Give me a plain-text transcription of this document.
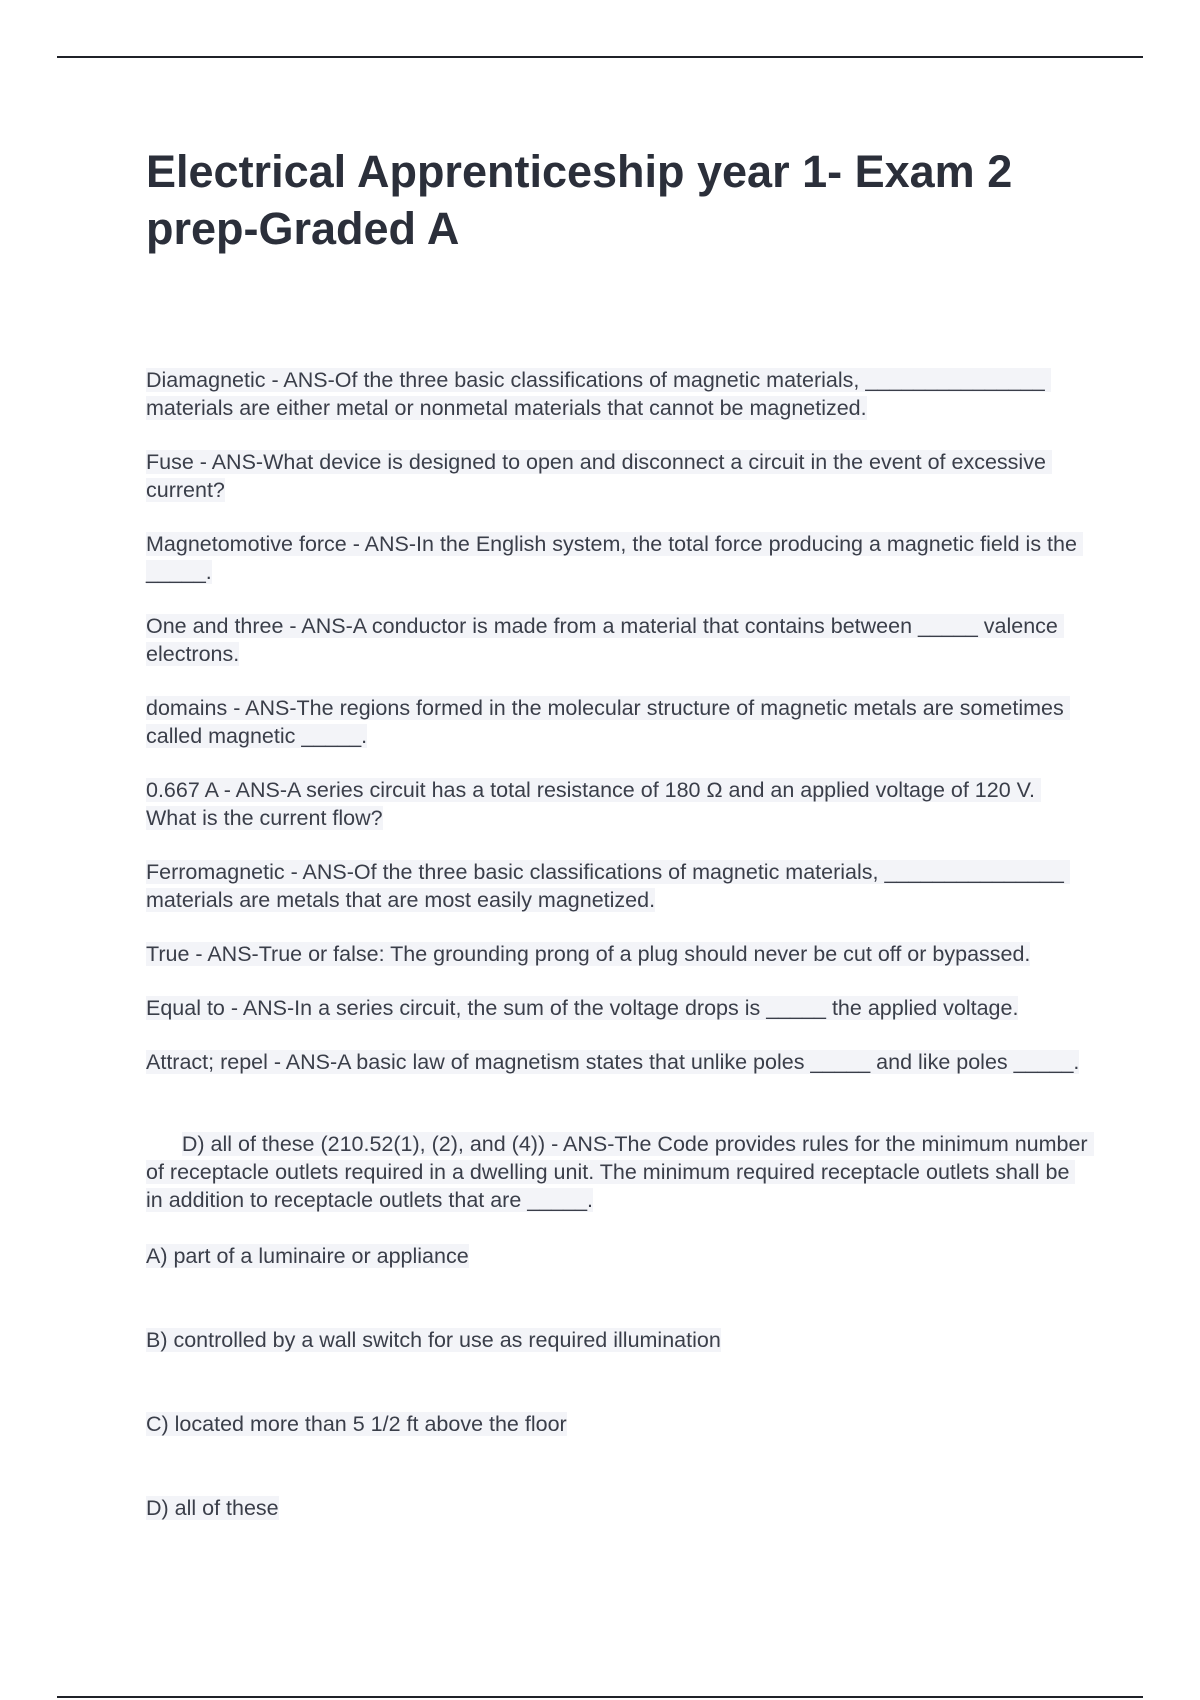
Electrical Apprenticeship year 1- Exam 2 prep-Graded A

Diamagnetic - ANS-Of the three basic classifications of magnetic materials, _______________ materials are either metal or nonmetal materials that cannot be magnetized.

Fuse - ANS-What device is designed to open and disconnect a circuit in the event of excessive current?

Magnetomotive force - ANS-In the English system, the total force producing a magnetic field is the _____.

One and three - ANS-A conductor is made from a material that contains between _____ valence electrons.

domains - ANS-The regions formed in the molecular structure of magnetic metals are sometimes called magnetic _____.

0.667 A - ANS-A series circuit has a total resistance of 180 Ω and an applied voltage of 120 V. What is the current flow?

Ferromagnetic - ANS-Of the three basic classifications of magnetic materials, _______________ materials are metals that are most easily magnetized.

True - ANS-True or false: The grounding prong of a plug should never be cut off or bypassed.

Equal to - ANS-In a series circuit, the sum of the voltage drops is _____ the applied voltage.

Attract; repel - ANS-A basic law of magnetism states that unlike poles _____ and like poles _____.

D) all of these (210.52(1), (2), and (4)) - ANS-The Code provides rules for the minimum number of receptacle outlets required in a dwelling unit. The minimum required receptacle outlets shall be in addition to receptacle outlets that are _____.

A) part of a luminaire or appliance

B) controlled by a wall switch for use as required illumination

C) located more than 5 1/2 ft above the floor

D) all of these
